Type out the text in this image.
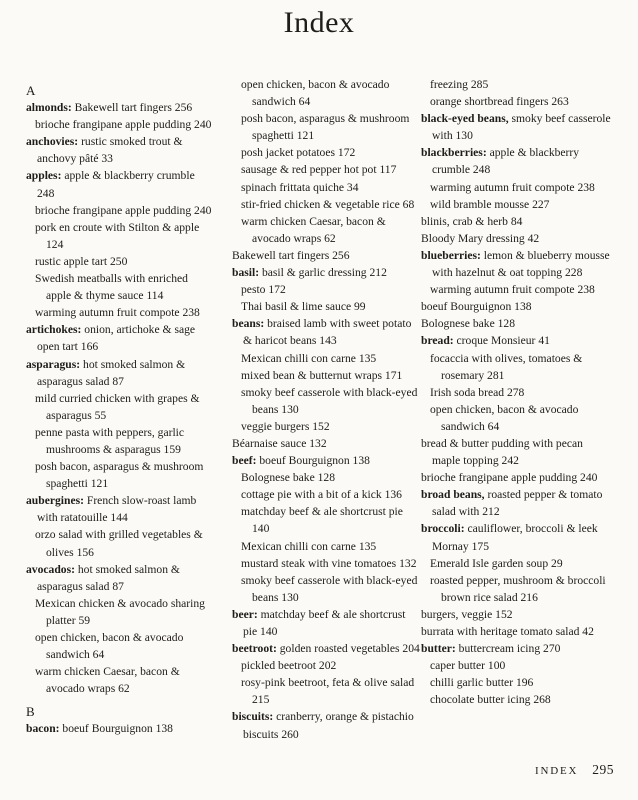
Index
A
almonds: Bakewell tart fingers 256
brioche frangipane apple pudding 240
anchovies: rustic smoked trout & anchovy pâté 33
apples: apple & blackberry crumble 248
brioche frangipane apple pudding 240
pork en croute with Stilton & apple 124
rustic apple tart 250
Swedish meatballs with enriched apple & thyme sauce 114
warming autumn fruit compote 238
artichokes: onion, artichoke & sage open tart 166
asparagus: hot smoked salmon & asparagus salad 87
mild curried chicken with grapes & asparagus 55
penne pasta with peppers, garlic mushrooms & asparagus 159
posh bacon, asparagus & mushroom spaghetti 121
aubergines: French slow-roast lamb with ratatouille 144
orzo salad with grilled vegetables & olives 156
avocados: hot smoked salmon & asparagus salad 87
Mexican chicken & avocado sharing platter 59
open chicken, bacon & avocado sandwich 64
warm chicken Caesar, bacon & avocado wraps 62
B
bacon: boeuf Bourguignon 138
open chicken, bacon & avocado sandwich 64
posh bacon, asparagus & mushroom spaghetti 121
posh jacket potatoes 172
sausage & red pepper hot pot 117
spinach frittata quiche 34
stir-fried chicken & vegetable rice 68
warm chicken Caesar, bacon & avocado wraps 62
Bakewell tart fingers 256
basil: basil & garlic dressing 212
pesto 172
Thai basil & lime sauce 99
beans: braised lamb with sweet potato & haricot beans 143
Mexican chilli con carne 135
mixed bean & butternut wraps 171
smoky beef casserole with black-eyed beans 130
veggie burgers 152
Béarnaise sauce 132
beef: boeuf Bourguignon 138
Bolognese bake 128
cottage pie with a bit of a kick 136
matchday beef & ale shortcrust pie 140
Mexican chilli con carne 135
mustard steak with vine tomatoes 132
smoky beef casserole with black-eyed beans 130
beer: matchday beef & ale shortcrust pie 140
beetroot: golden roasted vegetables 204
pickled beetroot 202
rosy-pink beetroot, feta & olive salad 215
biscuits: cranberry, orange & pistachio biscuits 260
freezing 285
orange shortbread fingers 263
black-eyed beans, smoky beef casserole with 130
blackberries: apple & blackberry crumble 248
warming autumn fruit compote 238
wild bramble mousse 227
blinis, crab & herb 84
Bloody Mary dressing 42
blueberries: lemon & blueberry mousse with hazelnut & oat topping 228
warming autumn fruit compote 238
boeuf Bourguignon 138
Bolognese bake 128
bread: croque Monsieur 41
focaccia with olives, tomatoes & rosemary 281
Irish soda bread 278
open chicken, bacon & avocado sandwich 64
bread & butter pudding with pecan maple topping 242
brioche frangipane apple pudding 240
broad beans, roasted pepper & tomato salad with 212
broccoli: cauliflower, broccoli & leek Mornay 175
Emerald Isle garden soup 29
roasted pepper, mushroom & broccoli brown rice salad 216
burgers, veggie 152
burrata with heritage tomato salad 42
butter: buttercream icing 270
caper butter 100
chilli garlic butter 196
chocolate butter icing 268
INDEX 295
